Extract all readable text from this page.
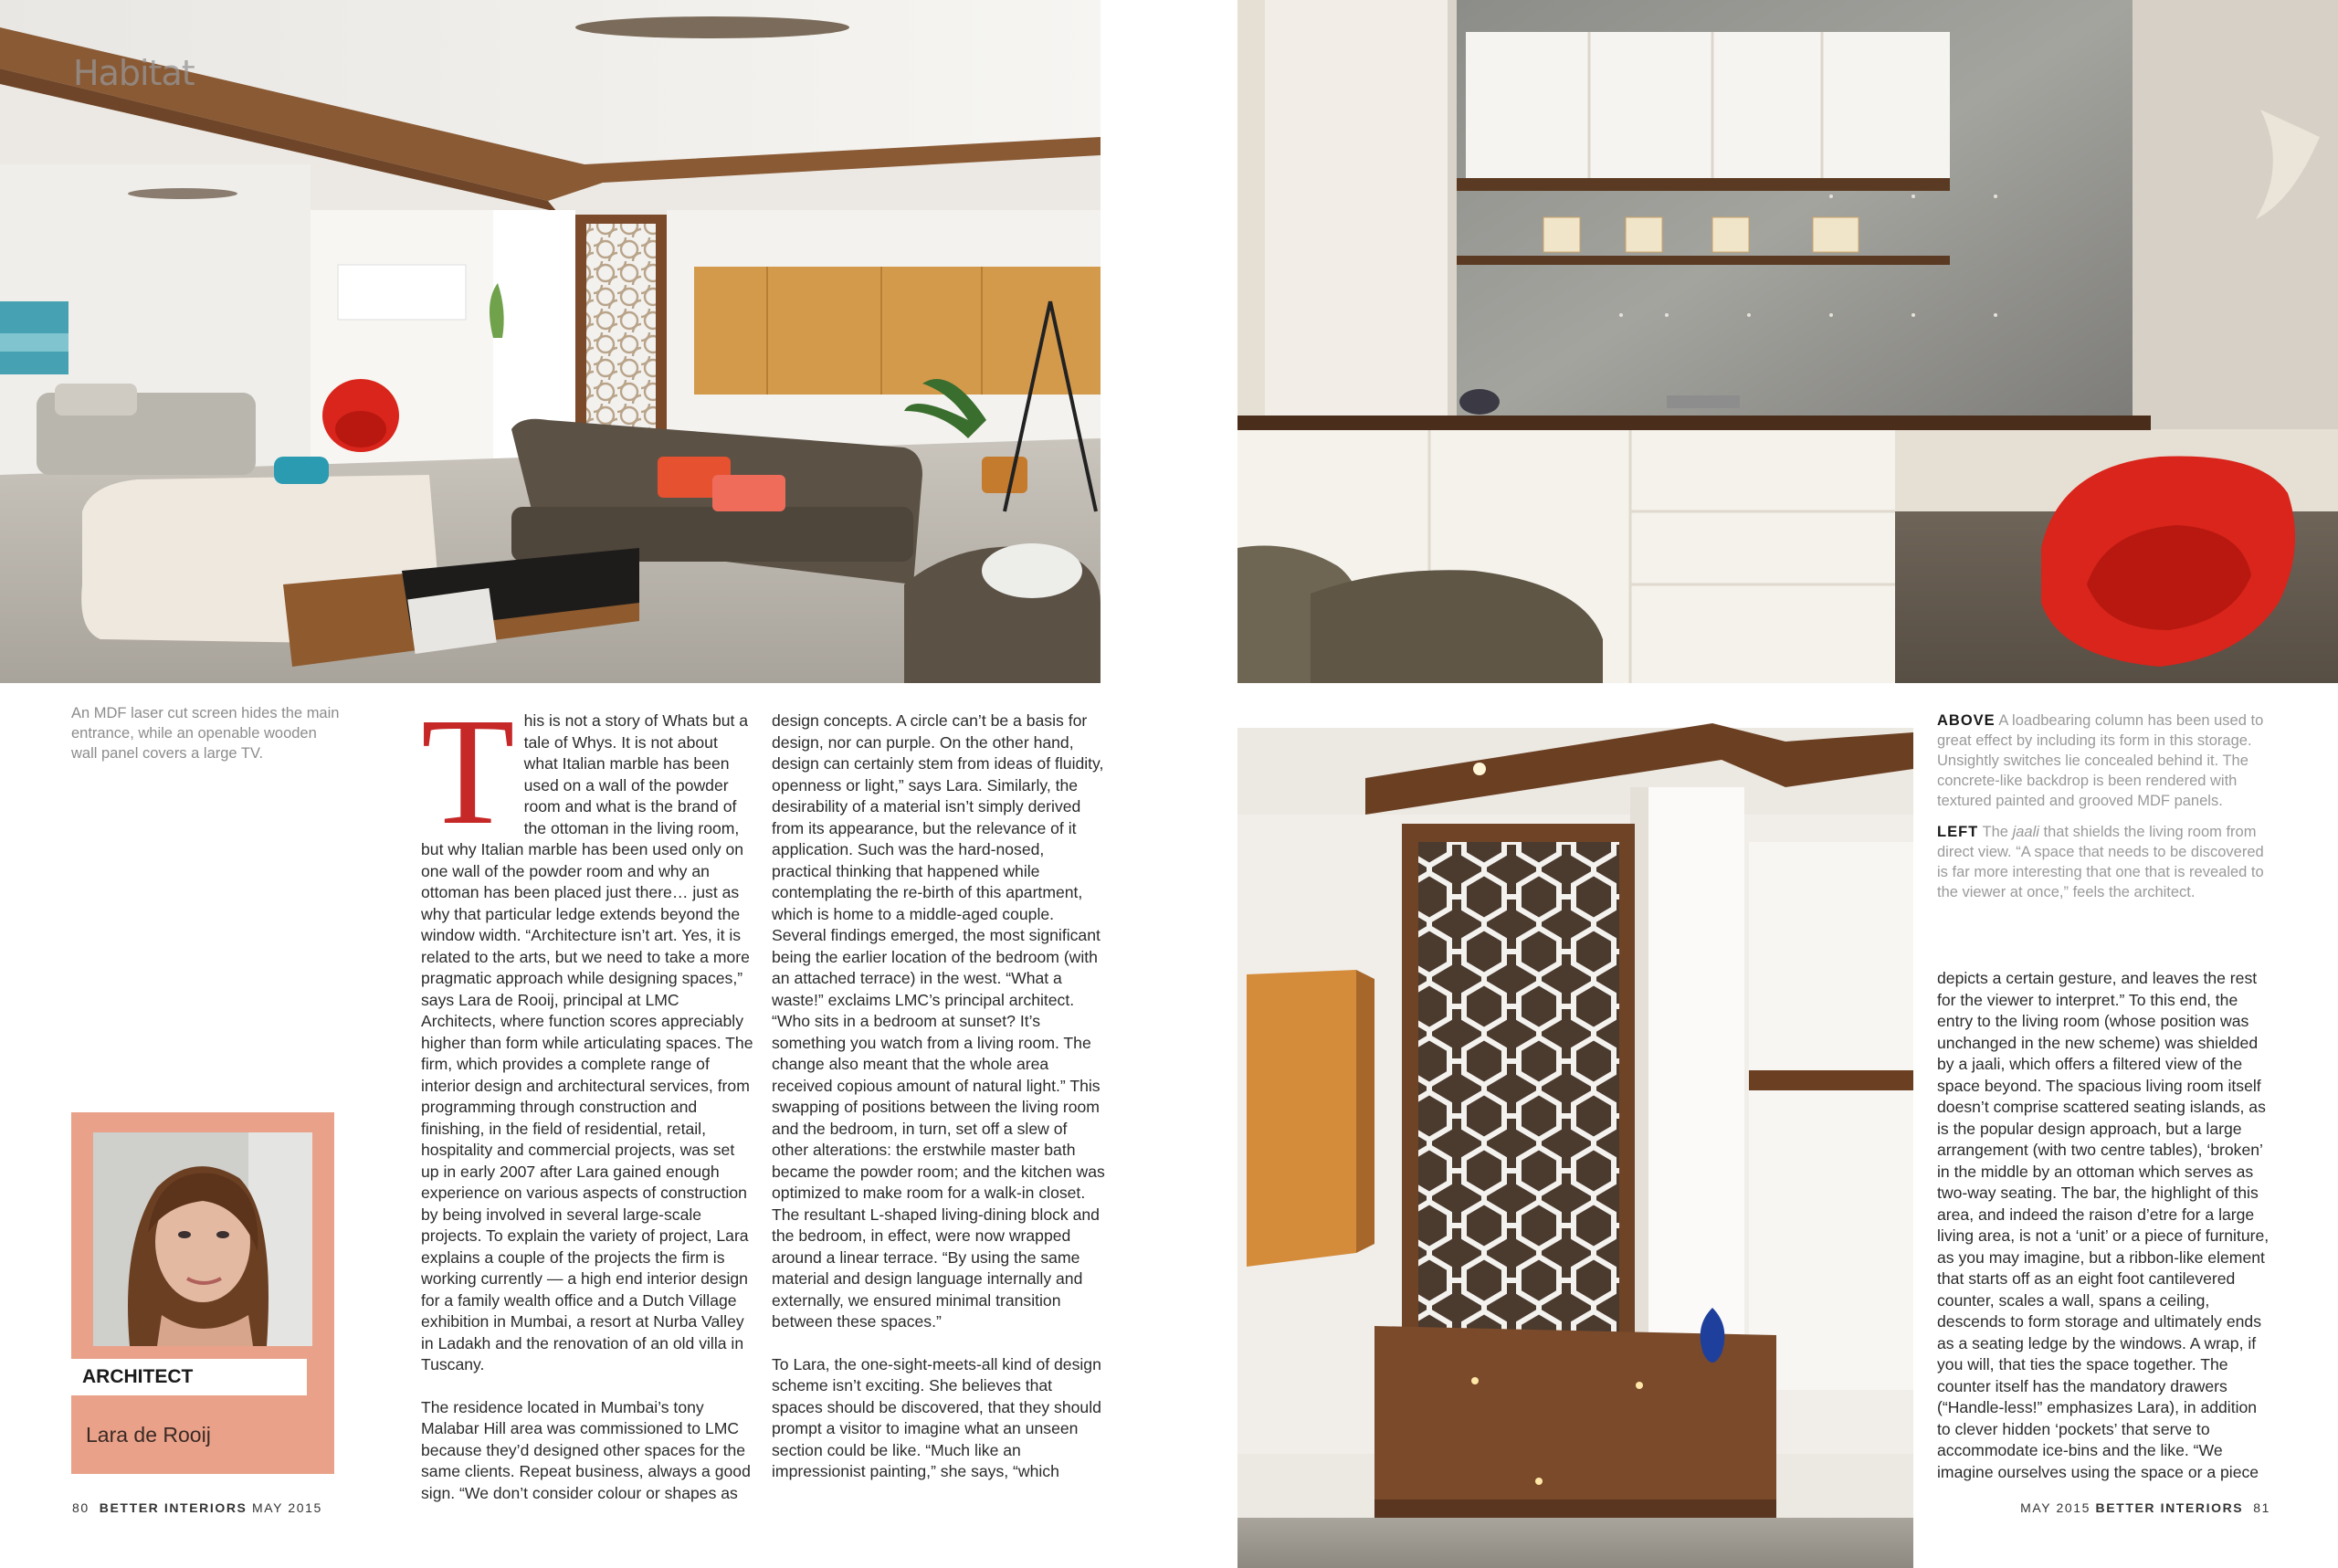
Habitat
An MDF laser cut screen hides the main entrance, while an openable wooden wall panel covers a large TV.	T his is not a story of Whats but a tale of Whys. It is not about what Italian marble has been used on a wall of the powder room and what is the brand of the ottoman in the living room, but why Italian marble has been used only on one wall of the powder room and why an ottoman has been placed just there… just as why that particular ledge extends beyond the window width. “Architecture isn’t art. Yes, it is related to the arts, but we need to take a more pragmatic approach while designing spaces,” says Lara de Rooij, principal at LMC Architects, where function scores appreciably higher than form while articulating spaces. The firm, which provides a complete range of interior design and architectural services, from programming through construction and finishing, in the field of residential, retail, hospitality and commercial projects, was set up in early 2007 after Lara gained enough experience on various aspects of construction by being involved in several large-scale projects. To explain the variety of project, Lara explains a couple of the projects the firm is working currently — a high end interior design for a family wealth office and a Dutch Village exhibition in Mumbai, a resort at Nurba Valley in Ladakh and the renovation of an old villa in Tuscany.

The residence located in Mumbai’s tony Malabar Hill area was commissioned to LMC because they’d designed other spaces for the same clients. Repeat business, always a good sign. “We don’t consider colour or shapes as

design concepts. A circle can’t be a basis for design, nor can purple. On the other hand, design can certainly stem from ideas of fluidity, openness or light,” says Lara. Similarly, the desirability of a material isn’t simply derived from its appearance, but the relevance of it application. Such was the hard-nosed, practical thinking that happened while contemplating the re-birth of this apartment, which is home to a middle-aged couple. Several findings emerged, the most significant being the earlier location of the bedroom (with an attached terrace) in the west. “What a waste!” exclaims LMC’s principal architect. “Who sits in a bedroom at sunset? It’s something you watch from a living room. The change also meant that the whole area received copious amount of natural light.” This swapping of positions between the living room and the bedroom, in turn, set off a slew of other alterations: the erstwhile master bath became the powder room; and the kitchen was optimized to make room for a walk-in closet. The resultant L-shaped living-dining block and the bedroom, in effect, were now wrapped around a linear terrace. “By using the same material and design language internally and externally, we ensured minimal transition between these spaces.”

To Lara, the one-sight-meets-all kind of design scheme isn’t exciting. She believes that spaces should be discovered, that they should prompt a visitor to imagine what an unseen section could be like. “Much like an impressionist painting,” she says, “which

ARCHITECT
Lara de Rooij

ABOVE A loadbearing column has been used to great effect by including its form in this storage. Unsightly switches lie concealed behind it. The concrete-like backdrop is been rendered with textured painted and grooved MDF panels.

LEFT The jaali that shields the living room from direct view. “A space that needs to be discovered is far more interesting that one that is revealed to the viewer at once,” feels the architect.

depicts a certain gesture, and leaves the rest for the viewer to interpret.” To this end, the entry to the living room (whose position was unchanged in the new scheme) was shielded by a jaali, which offers a filtered view of the space beyond. The spacious living room itself doesn’t comprise scattered seating islands, as is the popular design approach, but a large arrangement (with two centre tables), ‘broken’ in the middle by an ottoman which serves as two-way seating. The bar, the highlight of this area, and indeed the raison d’etre for a large living area, is not a ‘unit’ or a piece of furniture, as you may imagine, but a ribbon-like element that starts off as an eight foot cantilevered counter, scales a wall, spans a ceiling, descends to form storage and ultimately ends as a seating ledge by the windows. A wrap, if you will, that ties the space together. The counter itself has the mandatory drawers (“Handle-less!” emphasizes Lara), in addition to clever hidden ‘pockets’ that serve to accommodate ice-bins and the like. “We imagine ourselves using the space or a piece

80 BETTER INTERIORS MAY 2015	MAY 2015 BETTER INTERIORS 81
